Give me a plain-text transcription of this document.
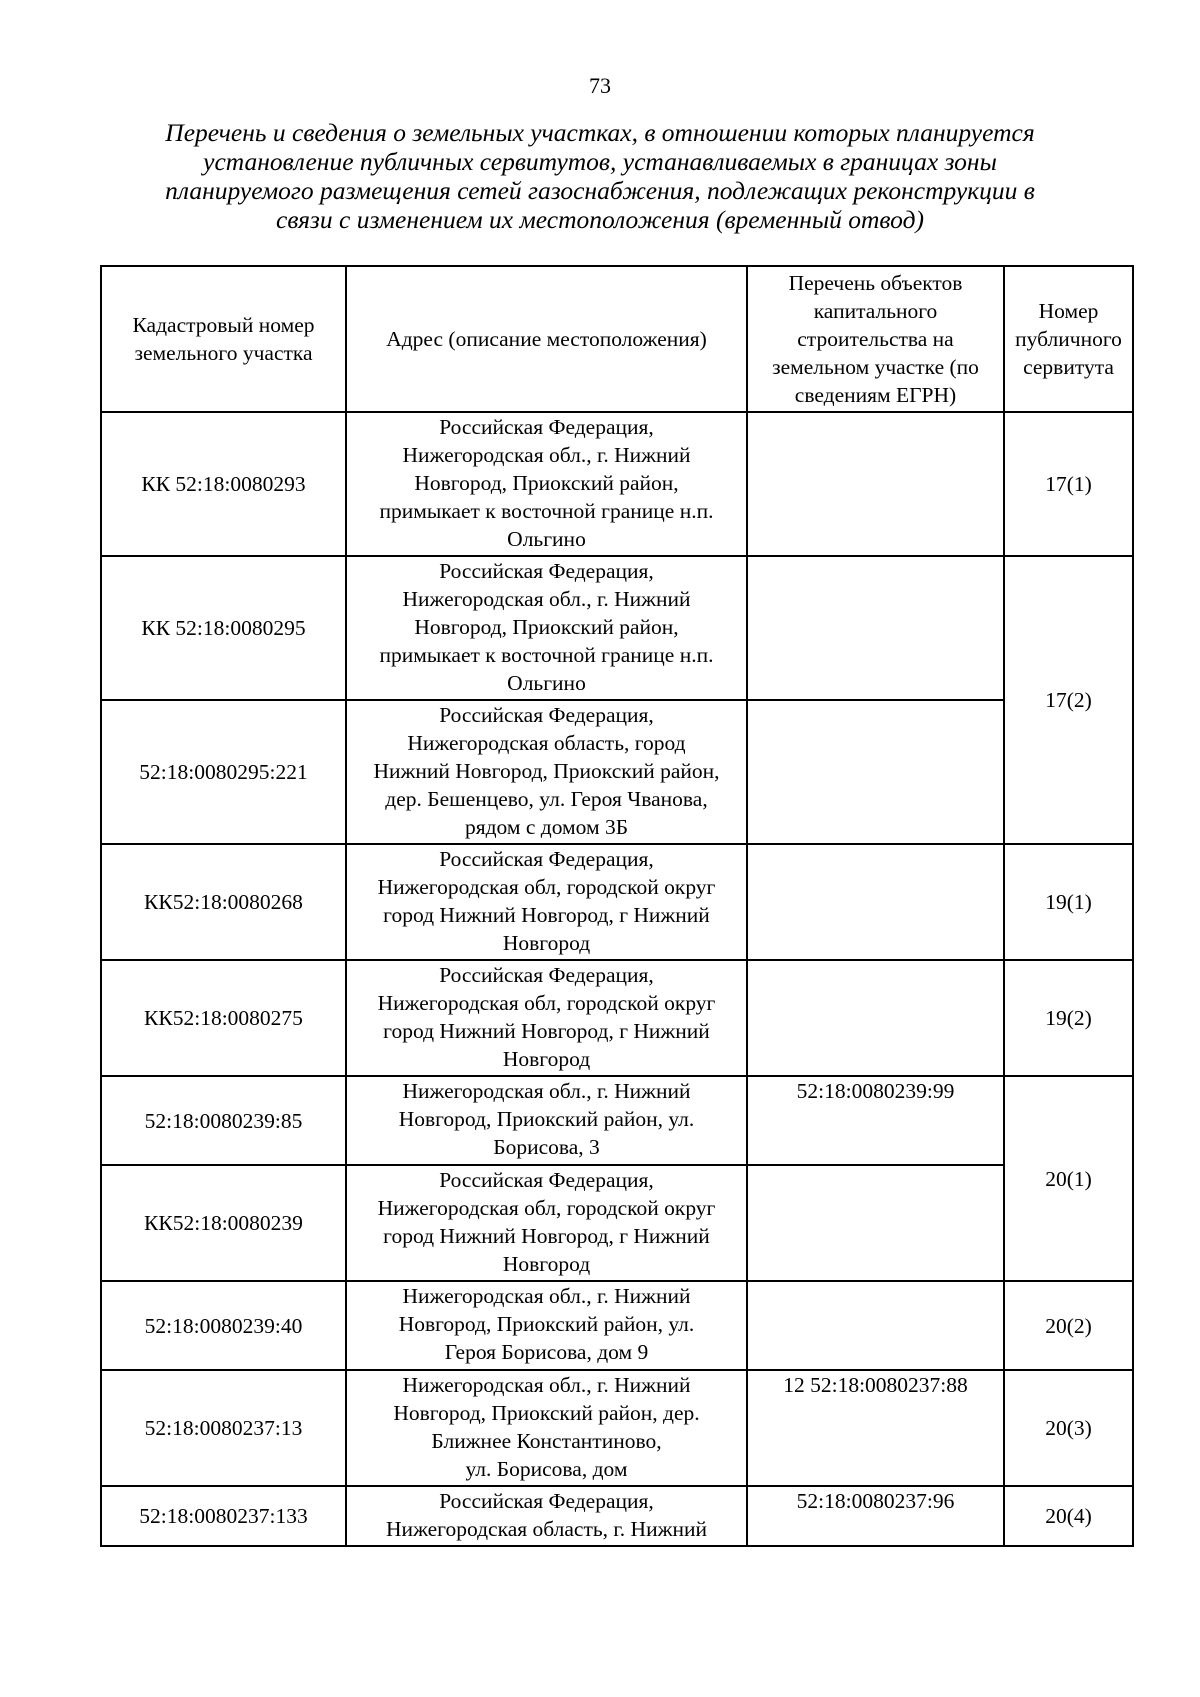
73
Перечень и сведения о земельных участках, в отношении которых планируется
установление публичных сервитутов, устанавливаемых в границах зоны
планируемого размещения сетей газоснабжения, подлежащих реконструкции в
связи с изменением их местоположения (временный отвод)
Кадастровый номер
земельного участка	Адрес (описание местоположения)	Перечень объектов
капитального
строительства на
земельном участке (по
сведениям ЕГРН)	Номер
публичного
сервитута

КК 52:18:0080293	Российская Федерация,
Нижегородская обл., г. Нижний
Новгород, Приокский район,
примыкает к восточной границе н.п.
Ольгино		17(1)
КК 52:18:0080295	Российская Федерация,
Нижегородская обл., г. Нижний
Новгород, Приокский район,
примыкает к восточной границе н.п.
Ольгино		17(2)
52:18:0080295:221	Российская Федерация,
Нижегородская область, город
Нижний Новгород, Приокский район,
дер. Бешенцево, ул. Героя Чванова,
рядом с домом 3Б		

КК52:18:0080268	Российская Федерация,
Нижегородская обл, городской округ
город Нижний Новгород, г Нижний
Новгород		19(1)
КК52:18:0080275	Российская Федерация,
Нижегородская обл, городской округ
город Нижний Новгород, г Нижний
Новгород		19(2)
52:18:0080239:85	Нижегородская обл., г. Нижний
Новгород, Приокский район, ул.
Борисова, 3	52:18:0080239:99	20(1)
КК52:18:0080239	Российская Федерация,
Нижегородская обл, городской округ
город Нижний Новгород, г Нижний
Новгород		

52:18:0080239:40	Нижегородская обл., г. Нижний
Новгород, Приокский район, ул.
Героя Борисова, дом 9		20(2)
52:18:0080237:13	Нижегородская обл., г. Нижний
Новгород, Приокский район, дер.
Ближнее Константиново,
ул. Борисова, дом	12 52:18:0080237:88	20(3)
52:18:0080237:133	Российская Федерация,
Нижегородская область, г. Нижний	52:18:0080237:96	20(4)
